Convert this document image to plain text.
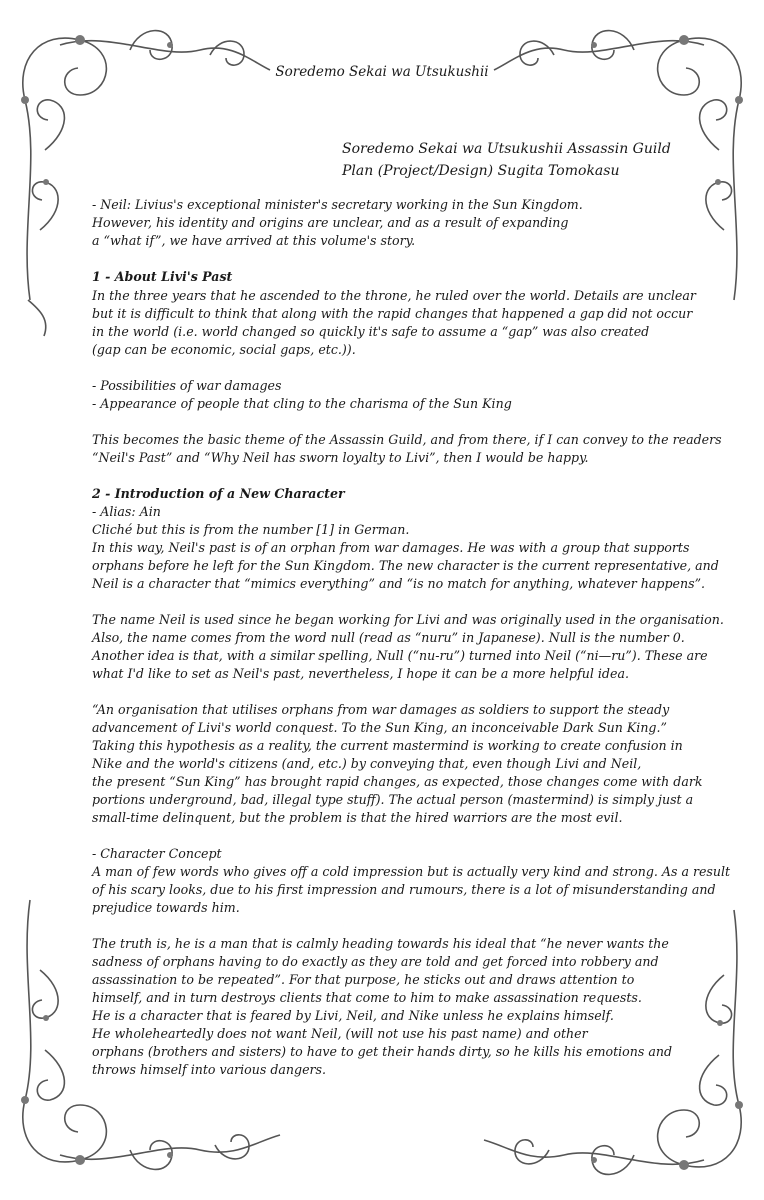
Soredemo Sekai wa Utsukushii
Soredemo Sekai wa Utsukushii Assassin Guild
Plan (Project/Design) Sugita Tomokasu
- Neil: Livius's exceptional minister's secretary working in the Sun Kingdom.
However, his identity and origins are unclear, and as a result of expanding
a “what if”, we have arrived at this volume's story.
1 - About Livi's Past
In the three years that he ascended to the throne, he ruled over the world. Details are unclear
but it is difficult to think that along with the rapid changes that happened a gap did not occur
in the world (i.e. world changed so quickly it's safe to assume a “gap” was also created
(gap can be economic, social gaps, etc.)).
- Possibilities of war damages
- Appearance of people that cling to the charisma of the Sun King
This becomes the basic theme of the Assassin Guild, and from there, if I can convey to the readers
“Neil's Past” and “Why Neil has sworn loyalty to Livi”, then I would be happy.
2 - Introduction of a New Character
- Alias: Ain
Cliché but this is from the number [1] in German.
In this way, Neil's past is of an orphan from war damages. He was with a group that supports
orphans before he left for the Sun Kingdom. The new character is the current representative, and
Neil is a character that “mimics everything” and “is no match for anything, whatever happens”.
The name Neil is used since he began working for Livi and was originally used in the organisation.
Also, the name comes from the word null (read as “nuru” in Japanese). Null is the number 0.
Another idea is that, with a similar spelling, Null (“nu-ru”) turned into Neil (“ni—ru”). These are
what I'd like to set as Neil's past, nevertheless, I hope it can be a more helpful idea.
“An organisation that utilises orphans from war damages as soldiers to support the steady
advancement of Livi's world conquest. To the Sun King, an inconceivable Dark Sun King.”
Taking this hypothesis as a reality, the current mastermind is working to create confusion in
Nike and the world's citizens (and, etc.) by conveying that, even though Livi and Neil,
the present “Sun King” has brought rapid changes, as expected, those changes come with dark
portions underground, bad, illegal type stuff). The actual person (mastermind) is simply just a
small-time delinquent, but the problem is that the hired warriors are the most evil.
- Character Concept
A man of few words who gives off a cold impression but is actually very kind and strong. As a result
of his scary looks, due to his first impression and rumours, there is a lot of misunderstanding and
prejudice towards him.
The truth is, he is a man that is calmly heading towards his ideal that “he never wants the
sadness of orphans having to do exactly as they are told and get forced into robbery and
assassination to be repeated”. For that purpose, he sticks out and draws attention to
himself, and in turn destroys clients that come to him to make assassination requests.
He is a character that is feared by Livi, Neil, and Nike unless he explains himself.
He wholeheartedly does not want Neil, (will not use his past name) and other
orphans (brothers and sisters) to have to get their hands dirty, so he kills his emotions and
throws himself into various dangers.
